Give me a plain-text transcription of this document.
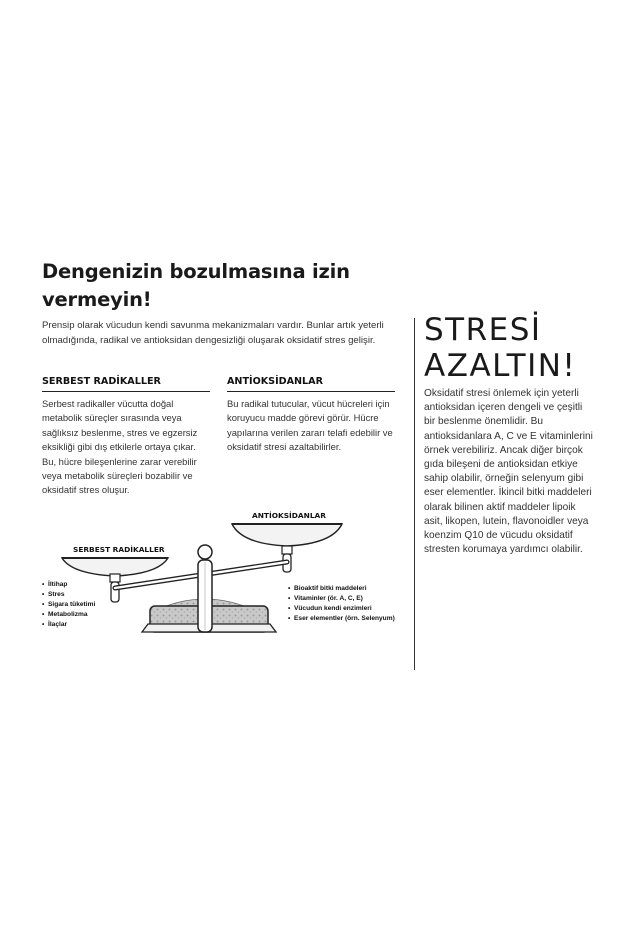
Dengenizin bozulmasına izin vermeyin!

Prensip olarak vücudun kendi savunma mekanizmaları vardır. Bunlar artık yeterli olmadığında, radikal ve antioksidan dengesizliği oluşarak oksidatif stres gelişir.

SERBEST RADİKALLER

Serbest radikaller vücutta doğal metabolik süreçler sırasında veya sağlıksız beslenme, stres ve egzersiz eksikliği gibi dış etkilerle ortaya çıkar. Bu, hücre bileşenlerine zarar verebilir veya metabolik süreçleri bozabilir ve oksidatif stres oluşur.

ANTİOKSİDANLAR

Bu radikal tutucular, vücut hücreleri için koruyucu madde görevi görür. Hücre yapılarına verilen zararı telafi edebilir ve oksidatif stresi azaltabilirler.

STRESİ
AZALTIN!

Oksidatif stresi önlemek için yeterli antioksidan içeren dengeli ve çeşitli bir beslenme önemlidir. Bu antioksidanlara A, C ve E vitaminlerini örnek verebiliriz. Ancak diğer birçok gıda bileşeni de antioksidan etkiye sahip olabilir, örneğin selenyum gibi eser elementler. İkincil bitki maddeleri olarak bilinen aktif maddeler lipoik asit, likopen, lutein, flavonoidler veya koenzim Q10 de vücudu oksidatif stresten korumaya yardımcı olabilir.

ANTİOKSİDANLAR
SERBEST RADİKALLER
• İltihap
• Stres
• Sigara tüketimi
• Metabolizma
• İlaçlar
• Bioaktif bitki maddeleri
• Vitaminler (ör. A, C, E)
• Vücudun kendi enzimleri
• Eser elementler (örn. Selenyum)
